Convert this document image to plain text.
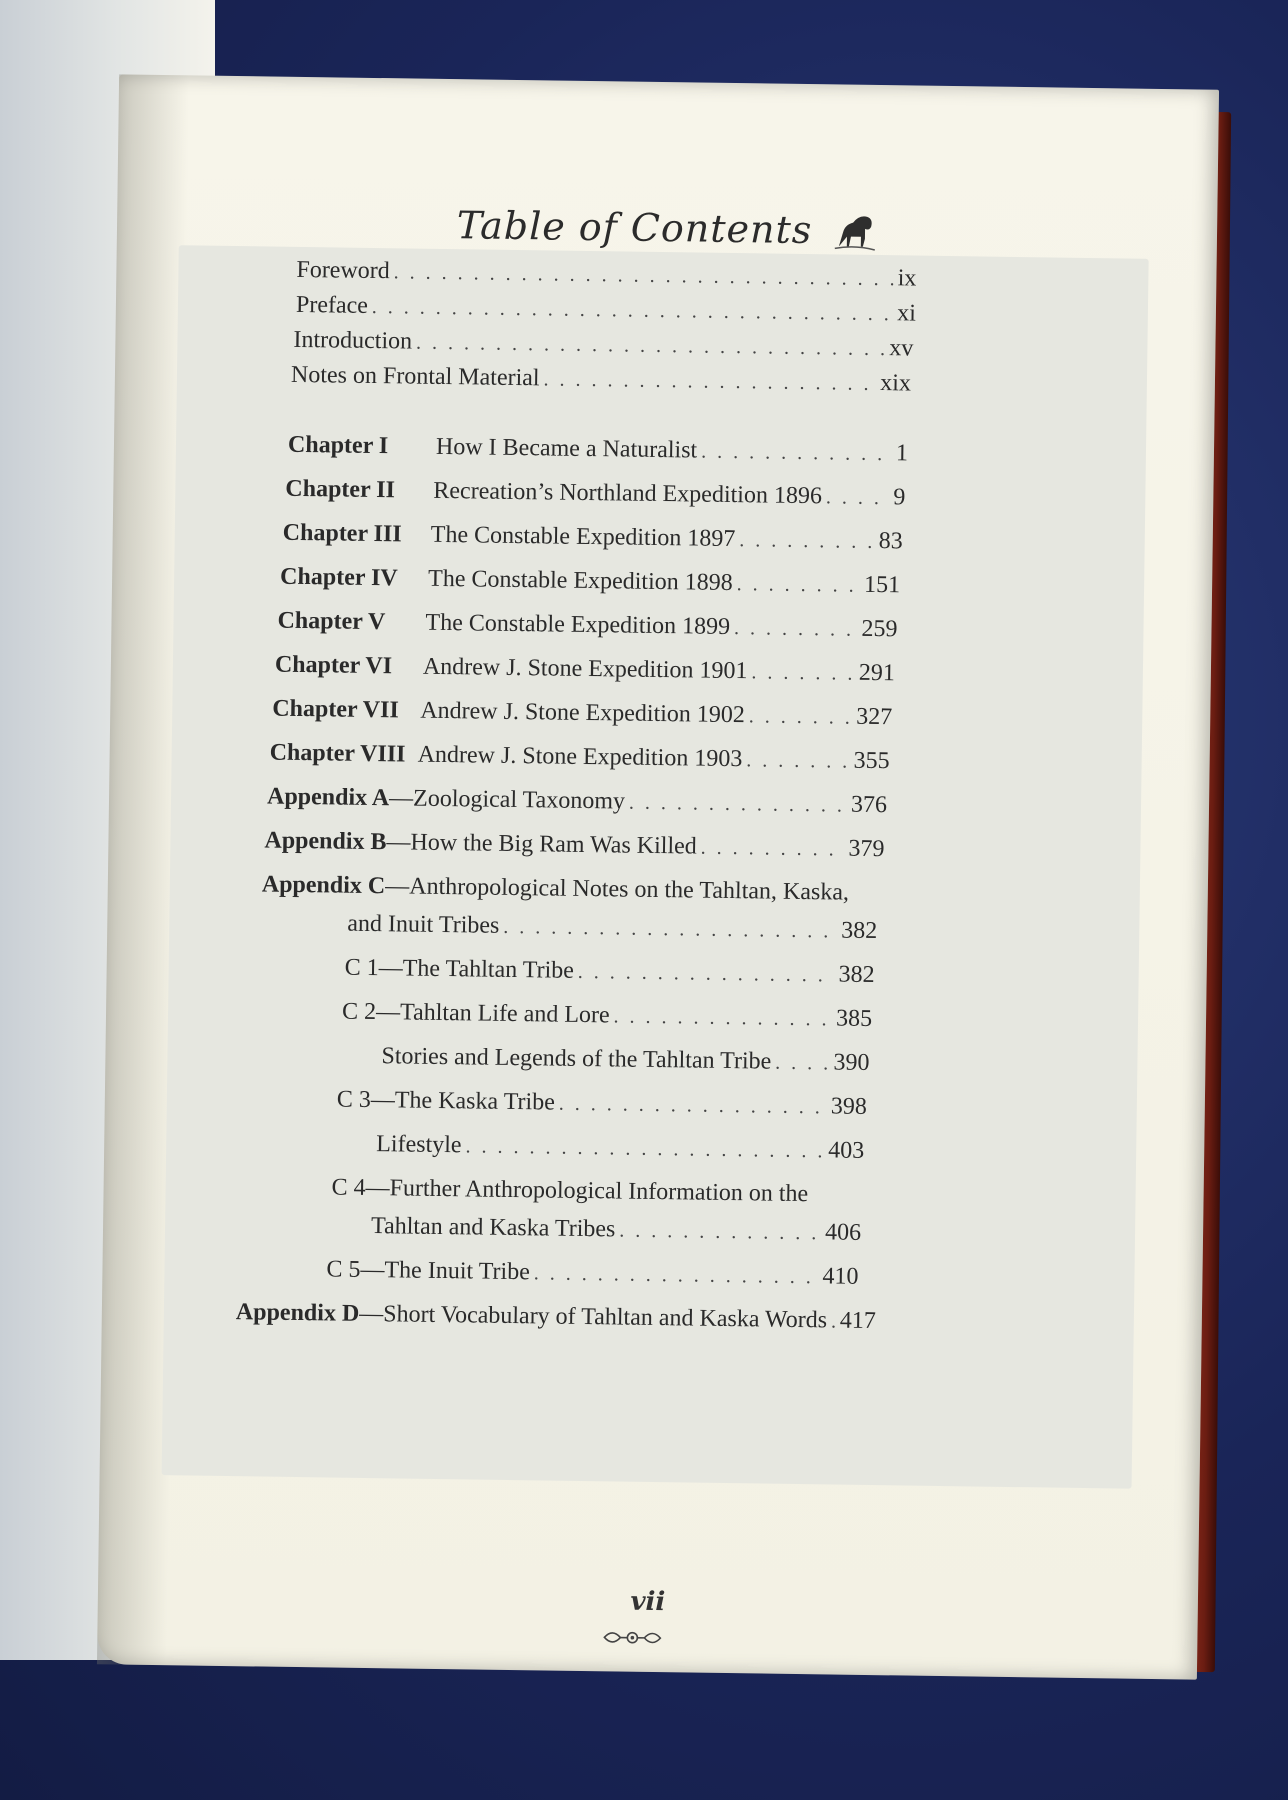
Table of Contents
Foreword . . .	ix
Preface . . .	xi
Introduction . . .	xv
Notes on Frontal Material . . .	xix
Chapter I	How I Became a Naturalist . . .	1
Chapter II	Recreation’s Northland Expedition 1896 . . .	9
Chapter III	The Constable Expedition 1897 . . .	83
Chapter IV	The Constable Expedition 1898 . . .	151
Chapter V	The Constable Expedition 1899 . . .	259
Chapter VI	Andrew J. Stone Expedition 1901 . . .	291
Chapter VII Andrew J. Stone Expedition 1902 . . .	327
Chapter VIII Andrew J. Stone Expedition 1903 . . .	355
Appendix A —Zoological Taxonomy . . .	376
Appendix B —How the Big Ram Was Killed . . .	379
Appendix C —Anthropological Notes on the Tahltan, Kaska,
and Inuit Tribes . . .	382
C 1—The Tahltan Tribe . . .	382
C 2—Tahltan Life and Lore . . .	385
Stories and Legends of the Tahltan Tribe . . .	390
C 3—The Kaska Tribe . . .	398
Lifestyle . . .	403
C 4—Further Anthropological Information on the
Tahltan and Kaska Tribes . . .	406
C 5—The Inuit Tribe . . .	410
Appendix D —Short Vocabulary of Tahltan and Kaska Words . . . 417
vii
